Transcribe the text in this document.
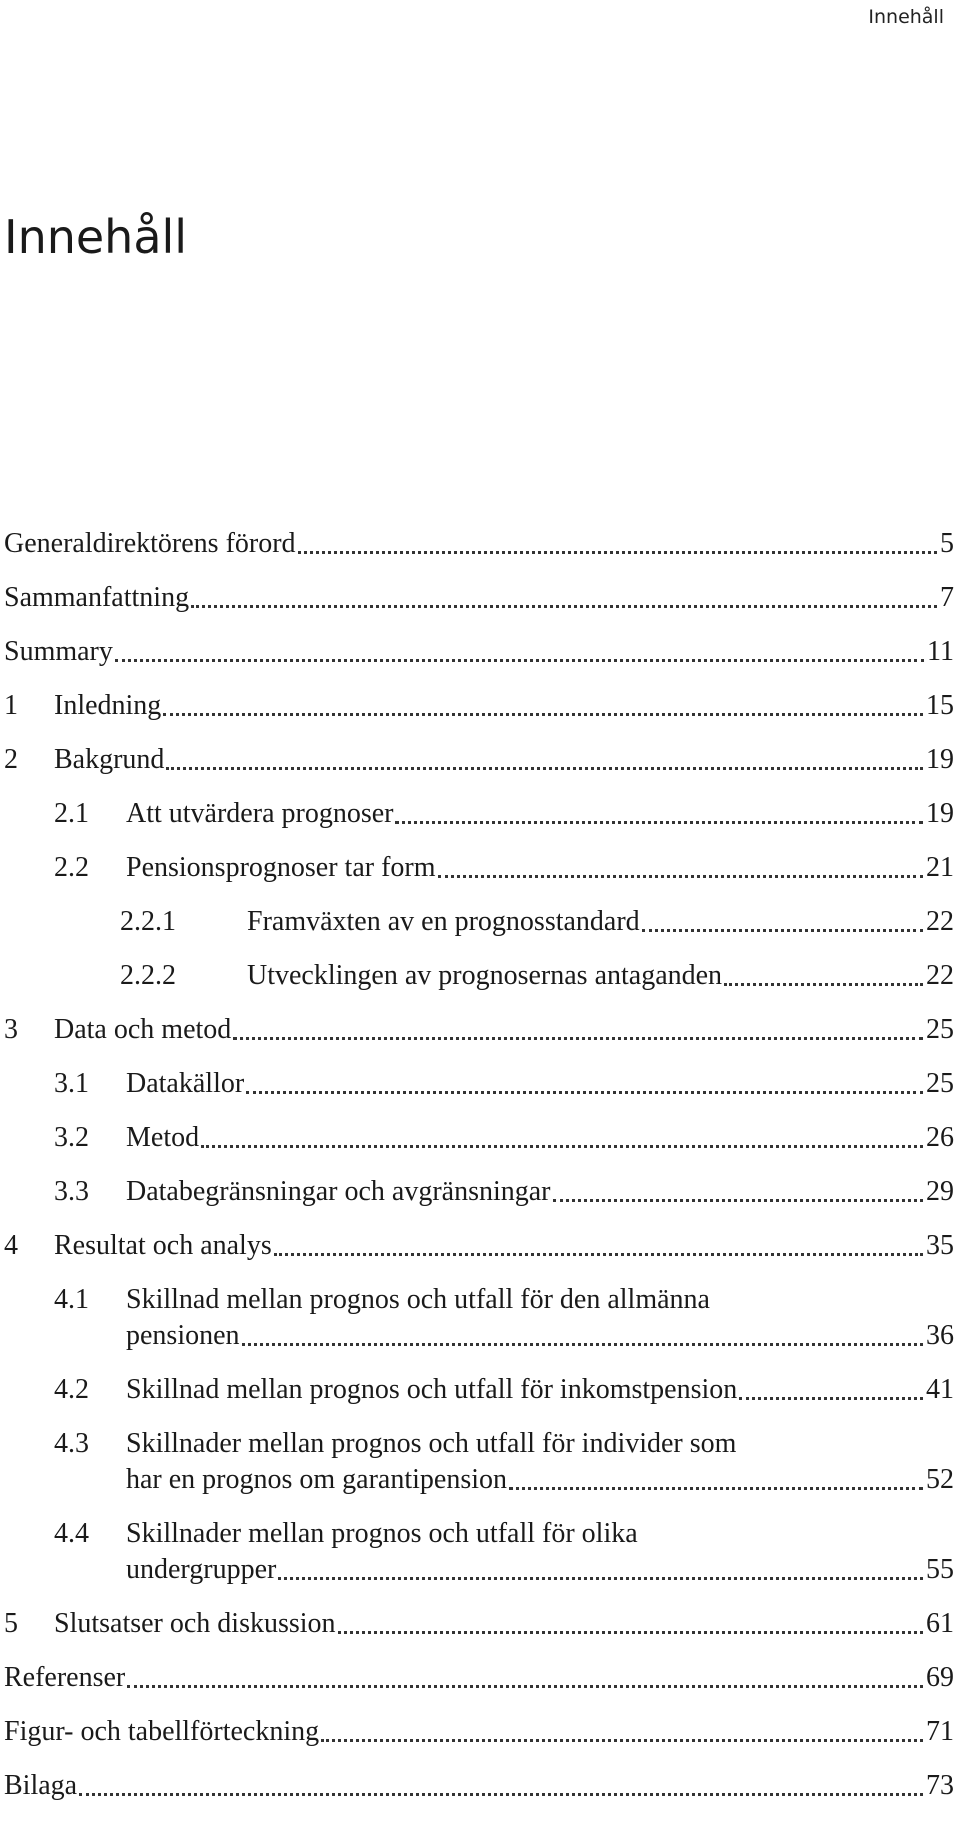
Innehåll
Innehåll
Generaldirektörens förord	5
Sammanfattning	7
Summary	11
1 Inledning	15
2 Bakgrund	19
2.1 Att utvärdera prognoser	19
2.2 Pensionsprognoser tar form	21
2.2.1	Framväxten av en prognosstandard	22
2.2.2	Utvecklingen av prognosernas antaganden	22
3 Data och metod	25
3.1 Datakällor	25
3.2 Metod	26
3.3 Databegränsningar och avgränsningar	29
4 Resultat och analys	35
4.1 Skillnad mellan prognos och utfall för den allmänna
pensionen	36
4.2 Skillnad mellan prognos och utfall för inkomstpension	41
4.3 Skillnader mellan prognos och utfall för individer som
har en prognos om garantipension	52
4.4 Skillnader mellan prognos och utfall för olika
undergrupper	55
5 Slutsatser och diskussion	61
Referenser	69
Figur- och tabellförteckning	71
Bilaga	73
